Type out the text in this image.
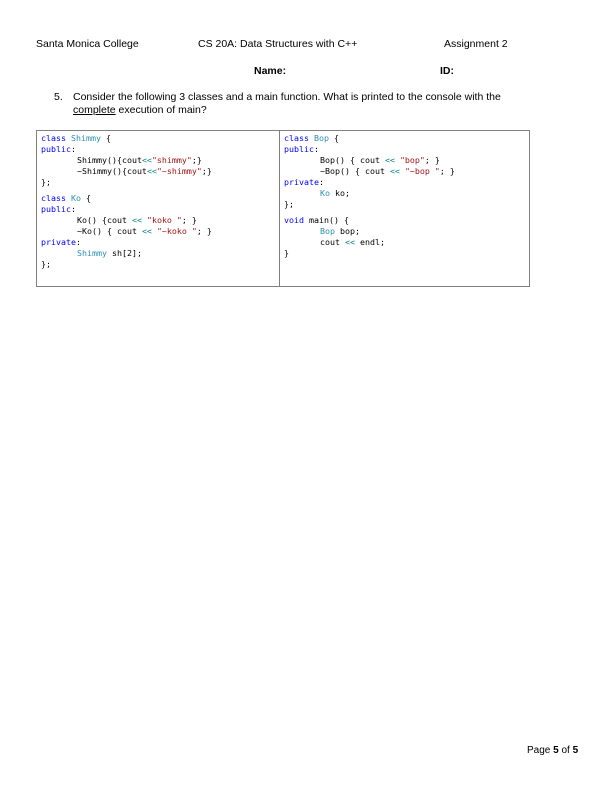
Santa Monica College	CS 20A: Data Structures with C++	Assignment 2
Name:	ID:
5. Consider the following 3 classes and a main function. What is printed to the console with the complete execution of main?
class Shimmy {
public:
Shimmy(){cout<<"shimmy";}
~Shimmy(){cout<<"~shimmy";}
};
class Ko {
public:
Ko() {cout << "koko "; }
~Ko() { cout << "~koko "; }
private:
Shimmy sh[2];
};
class Bop {
public:
Bop() { cout << "bop"; }
~Bop() { cout << "~bop "; }
private:
Ko ko;
};
void main() {
Bop bop;
cout << endl;
}
Page 5 of 5
